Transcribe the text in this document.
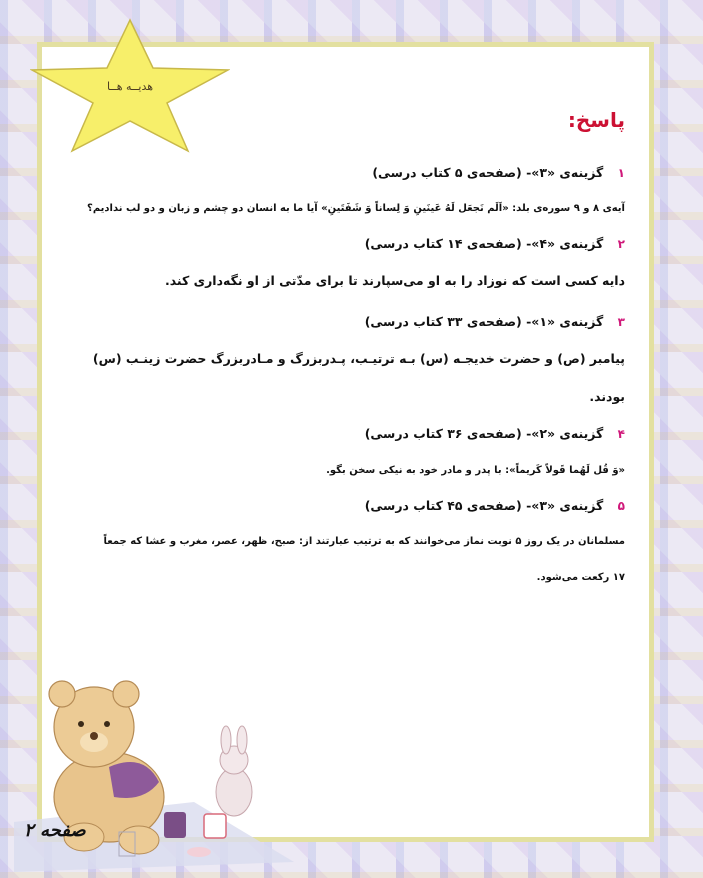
هدیــه هــا
پاسخ:
۱ گزینه‌ی «۳»- (صفحه‌ی ۵ کتاب درسی)
آیه‌ی ۸ و ۹ سوره‌ی بلد: «اَلَم نَجعَل لَهُ عَینَینِ وَ لِساناً وَ شَفَتَینِ» آیا ما به انسان دو چشم و زبان و دو لب ندادیم؟
۲ گزینه‌ی «۴»- (صفحه‌ی ۱۴ کتاب درسی)
دایه کسی است که نوزاد را به او می‌سپارند تا برای مدّتی از او نگه‌داری کند.
۳ گزینه‌ی «۱»- (صفحه‌ی ۳۳ کتاب درسی)
پیامبر (ص) و حضرت خدیجـه (س) بـه ترتیـب، پـدربزرگ و مـادربزرگ حضرت زینـب (س)
بودند.
۴ گزینه‌ی «۲»- (صفحه‌ی ۳۶ کتاب درسی)
«وَ قُل لَهُما قَولاً کَریماً»: با پدر و مادر خود به نیکی سخن بگو.
۵ گزینه‌ی «۳»- (صفحه‌ی ۴۵ کتاب درسی)
مسلمانان در یک روز ۵ نوبت نماز می‌خوانند که به ترتیب عبارتند از: صبح، ظهر، عصر، مغرب و عشا که جمعاً
۱۷ رکعت می‌شود.
صفحه ۲
